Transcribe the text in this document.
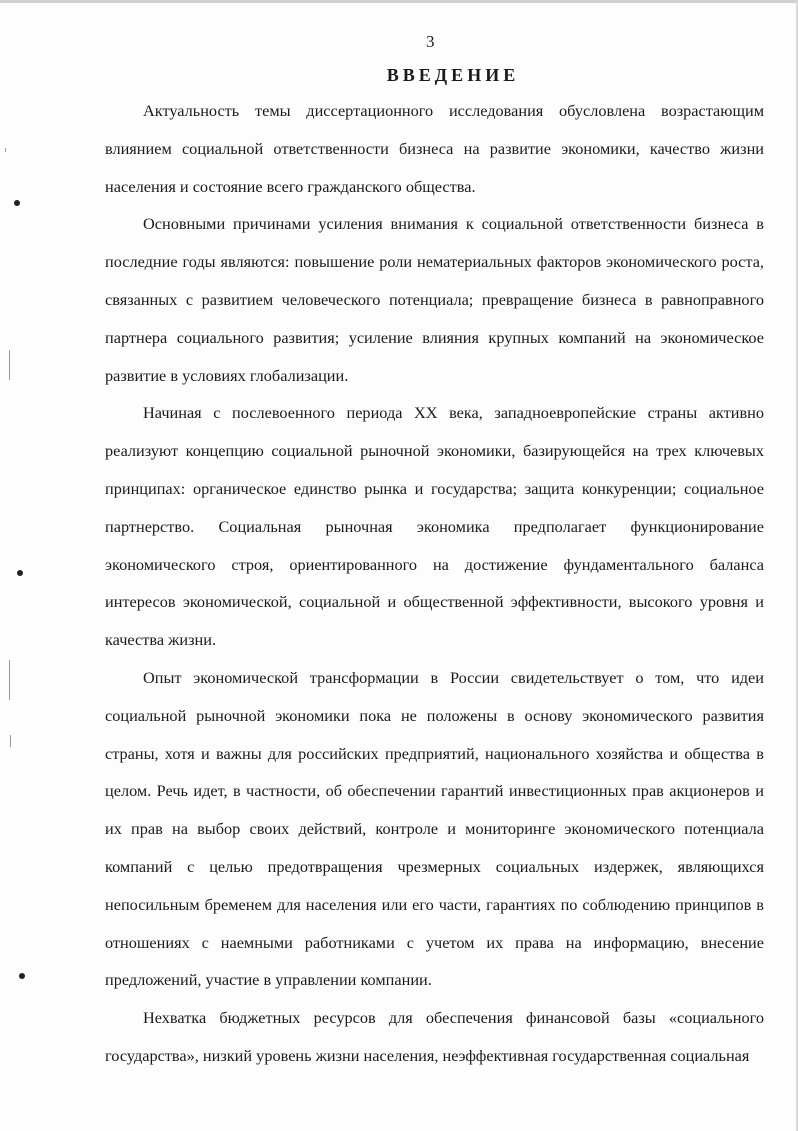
3
ВВЕДЕНИЕ

Актуальность темы диссертационного исследования обусловлена возрастающим влиянием социальной ответственности бизнеса на развитие экономики, качество жизни населения и состояние всего гражданского общества.

Основными причинами усиления внимания к социальной ответственности бизнеса в последние годы являются: повышение роли нематериальных факторов экономического роста, связанных с развитием человеческого потенциала; превращение бизнеса в равноправного партнера социального развития; усиление влияния крупных компаний на экономическое развитие в условиях глобализации.

Начиная с послевоенного периода XX века, западноевропейские страны активно реализуют концепцию социальной рыночной экономики, базирующейся на трех ключевых принципах: органическое единство рынка и государства; защита конкуренции; социальное партнерство. Социальная рыночная экономика предполагает функционирование экономического строя, ориентированного на достижение фундаментального баланса интересов экономической, социальной и общественной эффективности, высокого уровня и качества жизни.

Опыт экономической трансформации в России свидетельствует о том, что идеи социальной рыночной экономики пока не положены в основу экономического развития страны, хотя и важны для российских предприятий, национального хозяйства и общества в целом. Речь идет, в частности, об обеспечении гарантий инвестиционных прав акционеров и их прав на выбор своих действий, контроле и мониторинге экономического потенциала компаний с целью предотвращения чрезмерных социальных издержек, являющихся непосильным бременем для населения или его части, гарантиях по соблюдению принципов в отношениях с наемными работниками с учетом их права на информацию, внесение предложений, участие в управлении компании.

Нехватка бюджетных ресурсов для обеспечения финансовой базы «социального государства», низкий уровень жизни населения, неэффективная государственная социальная
